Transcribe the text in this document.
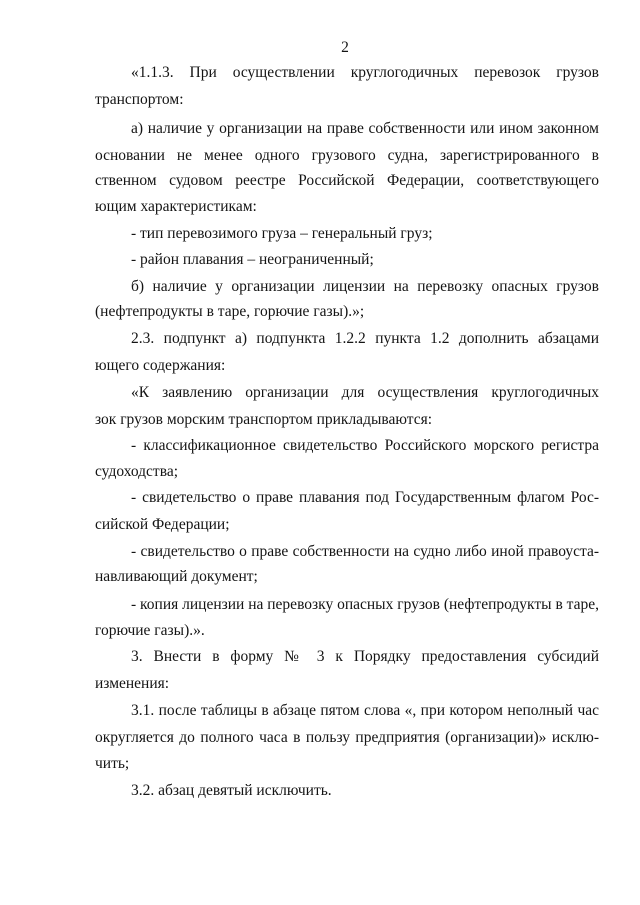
2
«1.1.3. При осуществлении круглогодичных перевозок грузов
транспортом:
а) наличие у организации на праве собственности или ином законном
основании не менее одного грузового судна, зарегистрированного в
ственном судовом реестре Российской Федерации, соответствующего
ющим характеристикам:
- тип перевозимого груза – генеральный груз;
- район плавания – неограниченный;
б) наличие у организации лицензии на перевозку опасных грузов
(нефтепродукты в таре, горючие газы).»;
2.3. подпункт а) подпункта 1.2.2 пункта 1.2 дополнить абзацами
ющего содержания:
«К заявлению организации для осуществления круглогодичных
зок грузов морским транспортом прикладываются:
- классификационное свидетельство Российского морского регистра
судоходства;
- свидетельство о праве плавания под Государственным флагом Рос-
сийской Федерации;
- свидетельство о праве собственности на судно либо иной правоуста-
навливающий документ;
- копия лицензии на перевозку опасных грузов (нефтепродукты в таре,
горючие газы).».
3. Внести в форму № 3 к Порядку предоставления субсидий
изменения:
3.1. после таблицы в абзаце пятом слова «, при котором неполный час
округляется до полного часа в пользу предприятия (организации)» исклю-
чить;
3.2. абзац девятый исключить.
